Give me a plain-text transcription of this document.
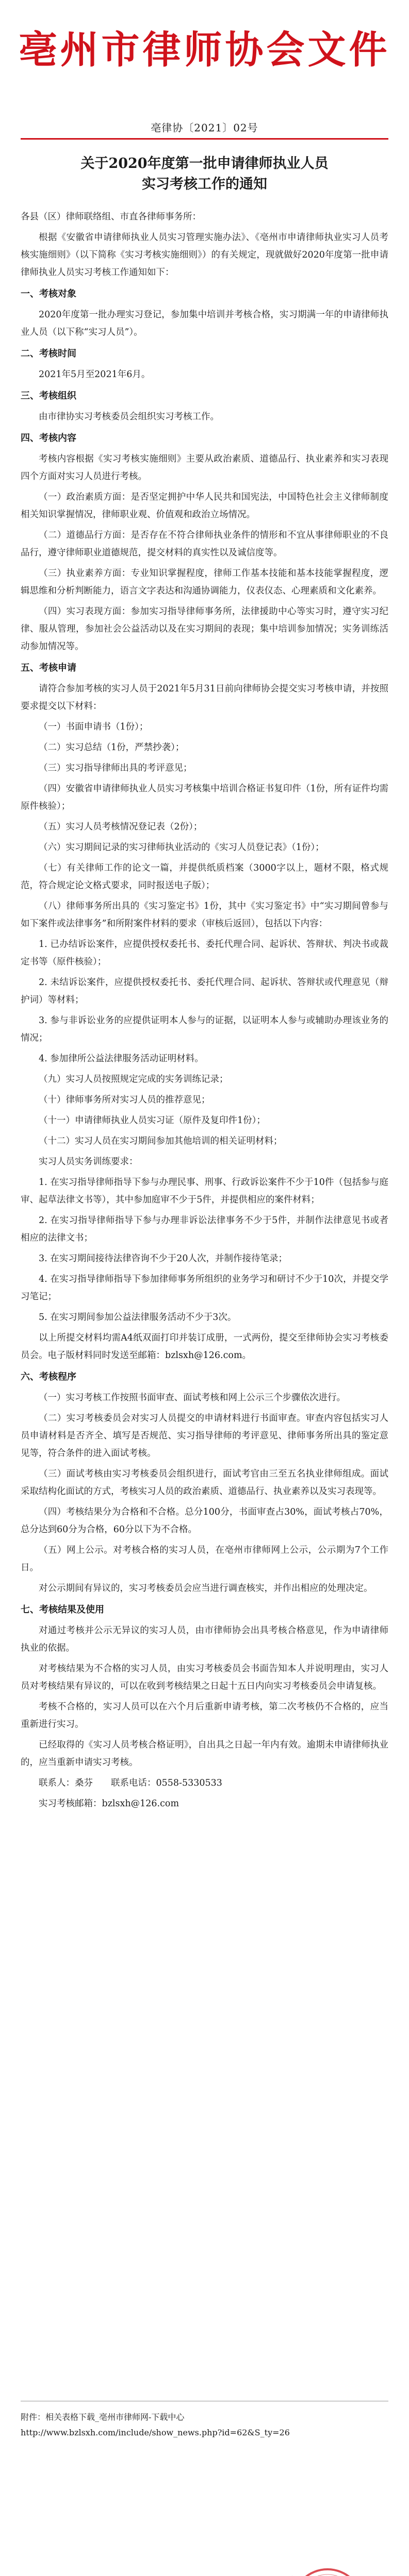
亳州市律师协会文件
亳律协〔2021〕02号
关于2020年度第一批申请律师执业人员
实习考核工作的通知

各县（区）律师联络组、市直各律师事务所：

根据《安徽省申请律师执业人员实习管理实施办法》、《亳州市申请律师执业实习人员考核实施细则》（以下简称《实习考核实施细则》）的有关规定，现就做好2020年度第一批申请律师执业人员实习考核工作通知如下：

一、考核对象

2020年度第一批办理实习登记，参加集中培训并考核合格，实习期满一年的申请律师执业人员（以下称“实习人员”）。

二、考核时间

2021年5月至2021年6月。

三、考核组织

由市律协实习考核委员会组织实习考核工作。

四、考核内容

考核内容根据《实习考核实施细则》主要从政治素质、道德品行、执业素养和实习表现四个方面对实习人员进行考核。

（一）政治素质方面：是否坚定拥护中华人民共和国宪法，中国特色社会主义律师制度相关知识掌握情况，律师职业观、价值观和政治立场情况。

（二）道德品行方面：是否存在不符合律师执业条件的情形和不宜从事律师职业的不良品行，遵守律师职业道德规范，提交材料的真实性以及诚信度等。

（三）执业素养方面：专业知识掌握程度，律师工作基本技能和基本技能掌握程度，逻辑思维和分析判断能力，语言文字表达和沟通协调能力，仪表仪态、心理素质和文化素养。

（四）实习表现方面：参加实习指导律师事务所，法律援助中心等实习时，遵守实习纪律、服从管理，参加社会公益活动以及在实习期间的表现；集中培训参加情况；实务训练活动参加情况等。

五、考核申请

请符合参加考核的实习人员于2021年5月31日前向律师协会提交实习考核申请，并按照要求提交以下材料：

（一）书面申请书（1份）；

（二）实习总结（1份，严禁抄袭）；

（三）实习指导律师出具的考评意见；

（四）安徽省申请律师执业人员实习考核集中培训合格证书复印件（1份，所有证件均需原件核验）；

（五）实习人员考核情况登记表（2份）；

（六）实习期间记录的实习律师执业活动的《实习人员登记表》（1份）；

（七）有关律师工作的论文一篇，并提供纸质档案（3000字以上，题材不限，格式规范，符合规定论文格式要求，同时报送电子版）；

（八）律师事务所出具的《实习鉴定书》1份，其中《实习鉴定书》中“实习期间曾参与如下案件或法律事务”和所附案件材料的要求（审核后返回），包括以下内容：

1. 已办结诉讼案件，应提供授权委托书、委托代理合同、起诉状、答辩状、判决书或裁定书等（原件核验）；

2. 未结诉讼案件，应提供授权委托书、委托代理合同、起诉状、答辩状或代理意见（辩护词）等材料；

3. 参与非诉讼业务的应提供证明本人参与的证据，以证明本人参与或辅助办理该业务的情况；

4. 参加律所公益法律服务活动证明材料。

（九）实习人员按照规定完成的实务训练记录；

（十）律师事务所对实习人员的推荐意见；

（十一）申请律师执业人员实习证（原件及复印件1份）；

（十二）实习人员在实习期间参加其他培训的相关证明材料；

实习人员实务训练要求：

1. 在实习指导律师指导下参与办理民事、刑事、行政诉讼案件不少于10件（包括参与庭审、起草法律文书等），其中参加庭审不少于5件，并提供相应的案件材料；

2. 在实习指导律师指导下参与办理非诉讼法律事务不少于5件，并制作法律意见书或者相应的法律文书；

3. 在实习期间接待法律咨询不少于20人次，并制作接待笔录；

4. 在实习指导律师指导下参加律师事务所组织的业务学习和研讨不少于10次，并提交学习笔记；

5. 在实习期间参加公益法律服务活动不少于3次。

以上所提交材料均需A4纸双面打印并装订成册，一式两份，提交至律师协会实习考核委员会。电子版材料同时发送至邮箱：bzlsxh@126.com。

六、考核程序

（一）实习考核工作按照书面审查、面试考核和网上公示三个步骤依次进行。

（二）实习考核委员会对实习人员提交的申请材料进行书面审查。审查内容包括实习人员申请材料是否齐全、填写是否规范、实习指导律师的考评意见、律师事务所出具的鉴定意见等，符合条件的进入面试考核。

（三）面试考核由实习考核委员会组织进行，面试考官由三至五名执业律师组成。面试采取结构化面试的方式，考核实习人员的政治素质、道德品行、执业素养以及实习表现等。

（四）考核结果分为合格和不合格。总分100分，书面审查占30%，面试考核占70%，总分达到60分为合格，60分以下为不合格。

（五）网上公示。对考核合格的实习人员，在亳州市律师网上公示，公示期为7个工作日。

对公示期间有异议的，实习考核委员会应当进行调查核实，并作出相应的处理决定。

七、考核结果及使用

对通过考核并公示无异议的实习人员，由市律师协会出具考核合格意见，作为申请律师执业的依据。

对考核结果为不合格的实习人员，由实习考核委员会书面告知本人并说明理由，实习人员对考核结果有异议的，可以在收到考核结果之日起十五日内向实习考核委员会申请复核。

考核不合格的，实习人员可以在六个月后重新申请考核，第二次考核仍不合格的，应当重新进行实习。

已经取得的《实习人员考核合格证明》，自出具之日起一年内有效。逾期未申请律师执业的，应当重新申请实习考核。

联系人：桑芬　　联系电话：0558-5330533

实习考核邮箱：bzlsxh@126.com

附件：相关表格下载_亳州市律师网-下载中心
http://www.bzlsxh.com/include/show_news.php?id=62&S_ty=26
